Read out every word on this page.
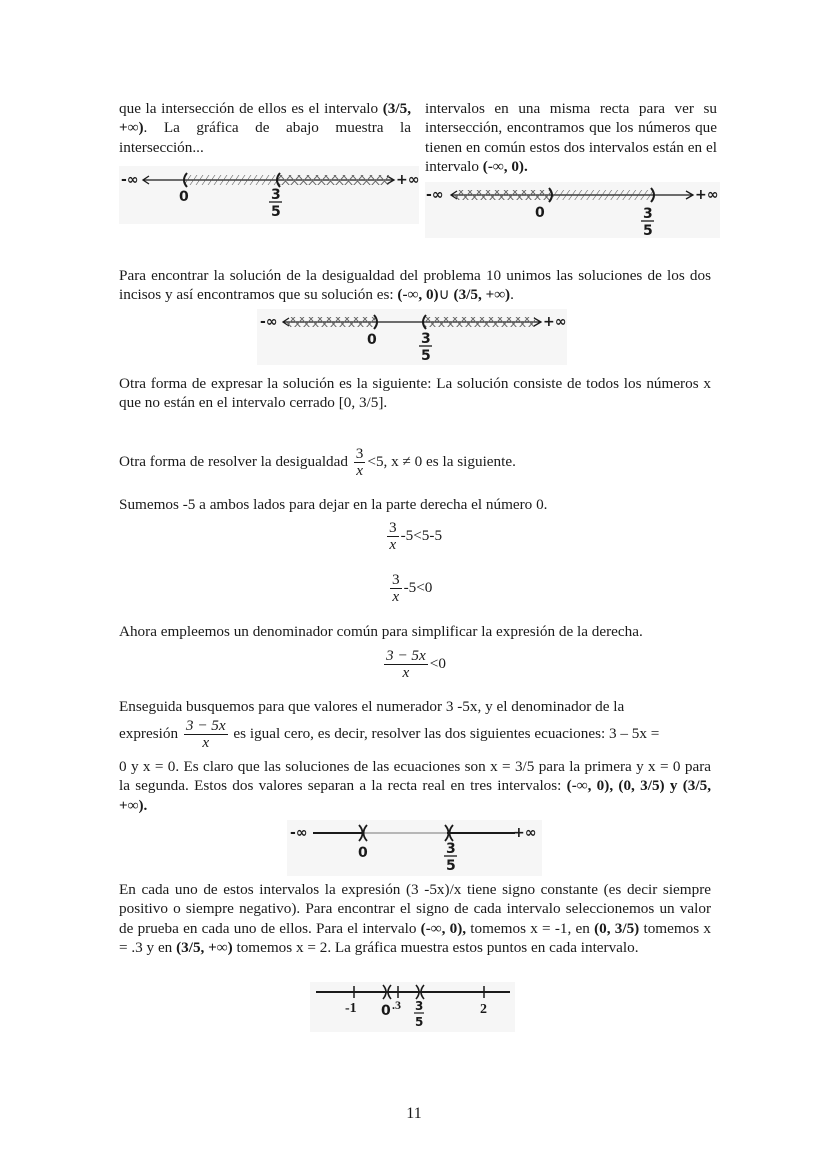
que la intersección de ellos es el intervalo (3/5, +∞). La gráfica de abajo muestra la intersección...
-∞	+∞
0	3
5
intervalos en una misma recta para ver su intersección, encontramos que los números que tienen en común estos dos intervalos están en el intervalo (-∞, 0).
-∞	+∞
0	3
5
Para encontrar la solución de la desigualdad del problema 10 unimos las soluciones de los dos incisos y así encontramos que su solución es: (-∞, 0)∪ (3/5, +∞).
-∞	+∞
0	3
5
Otra forma de expresar la solución es la siguiente: La solución consiste de todos los números x que no están en el intervalo cerrado [0, 3/5].
Otra forma de resolver la desigualdad $\frac{3}{x} <5$, x ≠ 0 es la siguiente.
Sumemos -5 a ambos lados para dejar en la parte derecha el número 0.
$\frac{3}{x} -5<5-5$
$\frac{3}{x} -5<0$
Ahora empleemos un denominador común para simplificar la expresión de la derecha.
$\frac{3 - 5x}{x} <0$
Enseguida busquemos para que valores el numerador 3 -5x, y el denominador de la
expresión $\frac{3 - 5x}{x}$ es igual cero, es decir, resolver las dos siguientes ecuaciones: 3 – 5x =
0 y x = 0. Es claro que las soluciones de las ecuaciones son x = 3/5 para la primera y x = 0 para la segunda. Estos dos valores separan a la recta real en tres intervalos: (-∞, 0), (0, 3/5) y (3/5, +∞).
-∞	+∞
0	3
5
En cada uno de estos intervalos la expresión (3 -5x)/x tiene signo constante (es decir siempre positivo o siempre negativo). Para encontrar el signo de cada intervalo seleccionemos un valor de prueba en cada uno de ellos. Para el intervalo (-∞, 0), tomemos x = -1, en (0, 3/5) tomemos x = .3 y en (3/5, +∞) tomemos x = 2. La gráfica muestra estos puntos en cada intervalo.
-1 0 .3 3
5
2
11
